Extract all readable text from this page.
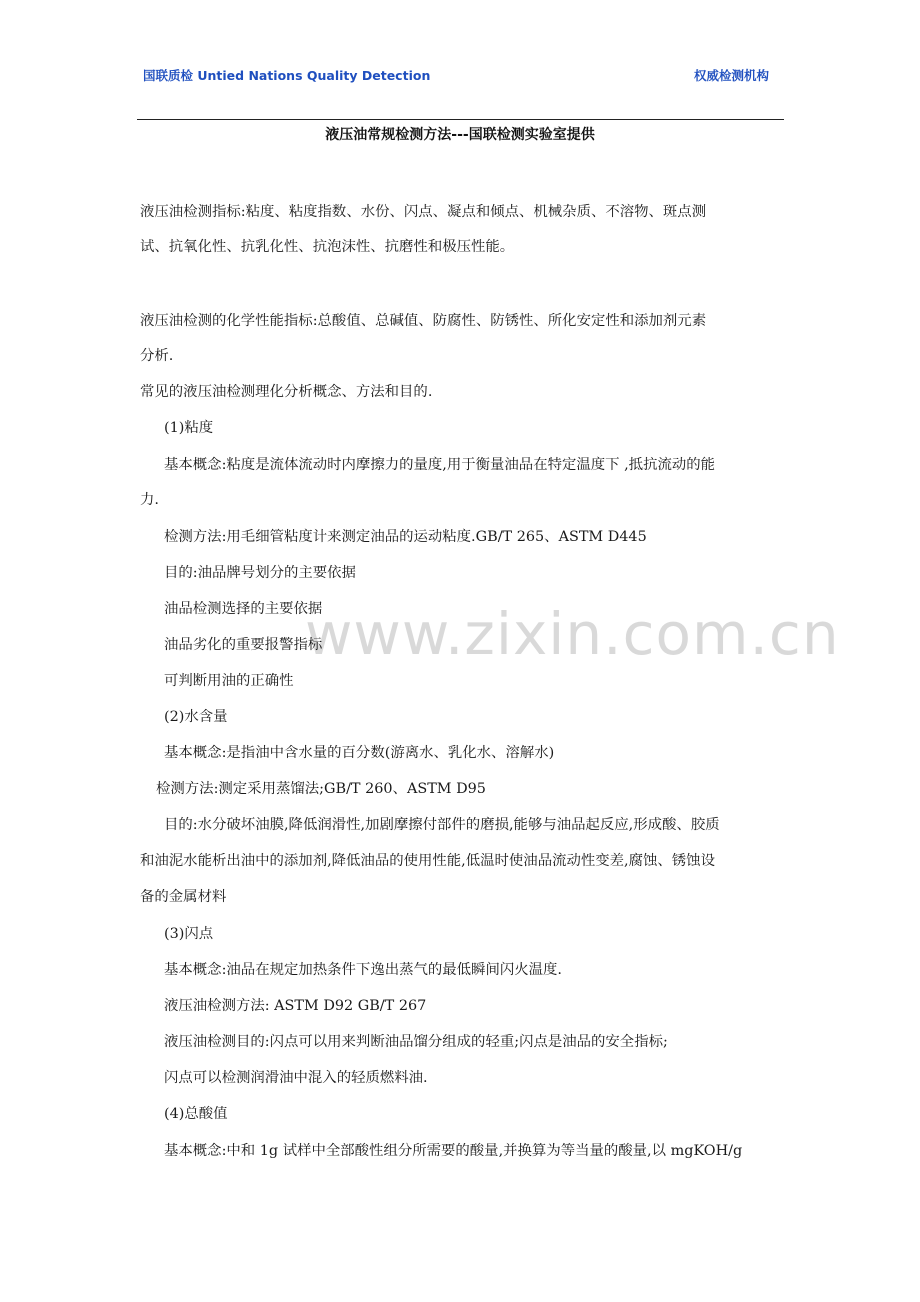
国联质检 Untied Nations Quality Detection	权威检测机构
液压油常规检测方法---国联检测实验室提供
www.zixin.com.cn
液压油检测指标:粘度、粘度指数、水份、闪点、凝点和倾点、机械杂质、不溶物、斑点测
试、抗氧化性、抗乳化性、抗泡沫性、抗磨性和极压性能。
液压油检测的化学性能指标:总酸值、总碱值、防腐性、防锈性、所化安定性和添加剂元素
分析.
常见的液压油检测理化分析概念、方法和目的.
(1)粘度
基本概念:粘度是流体流动时内摩擦力的量度,用于衡量油品在特定温度下 ,抵抗流动的能
力.
检测方法:用毛细管粘度计来测定油品的运动粘度.GB/T 265、ASTM D445
目的:油品牌号划分的主要依据
油品检测选择的主要依据
油品劣化的重要报警指标
可判断用油的正确性
(2)水含量
基本概念:是指油中含水量的百分数(游离水、乳化水、溶解水)
检测方法:测定采用蒸馏法;GB/T 260、ASTM D95
目的:水分破坏油膜,降低润滑性,加剧摩擦付部件的磨损,能够与油品起反应,形成酸、胶质
和油泥水能析出油中的添加剂,降低油品的使用性能,低温时使油品流动性变差,腐蚀、锈蚀设
备的金属材料
(3)闪点
基本概念:油品在规定加热条件下逸出蒸气的最低瞬间闪火温度.
液压油检测方法: ASTM D92 GB/T 267
液压油检测目的:闪点可以用来判断油品馏分组成的轻重;闪点是油品的安全指标;
闪点可以检测润滑油中混入的轻质燃料油.
(4)总酸值
基本概念:中和 1g 试样中全部酸性组分所需要的酸量,并换算为等当量的酸量,以 mgKOH/g
